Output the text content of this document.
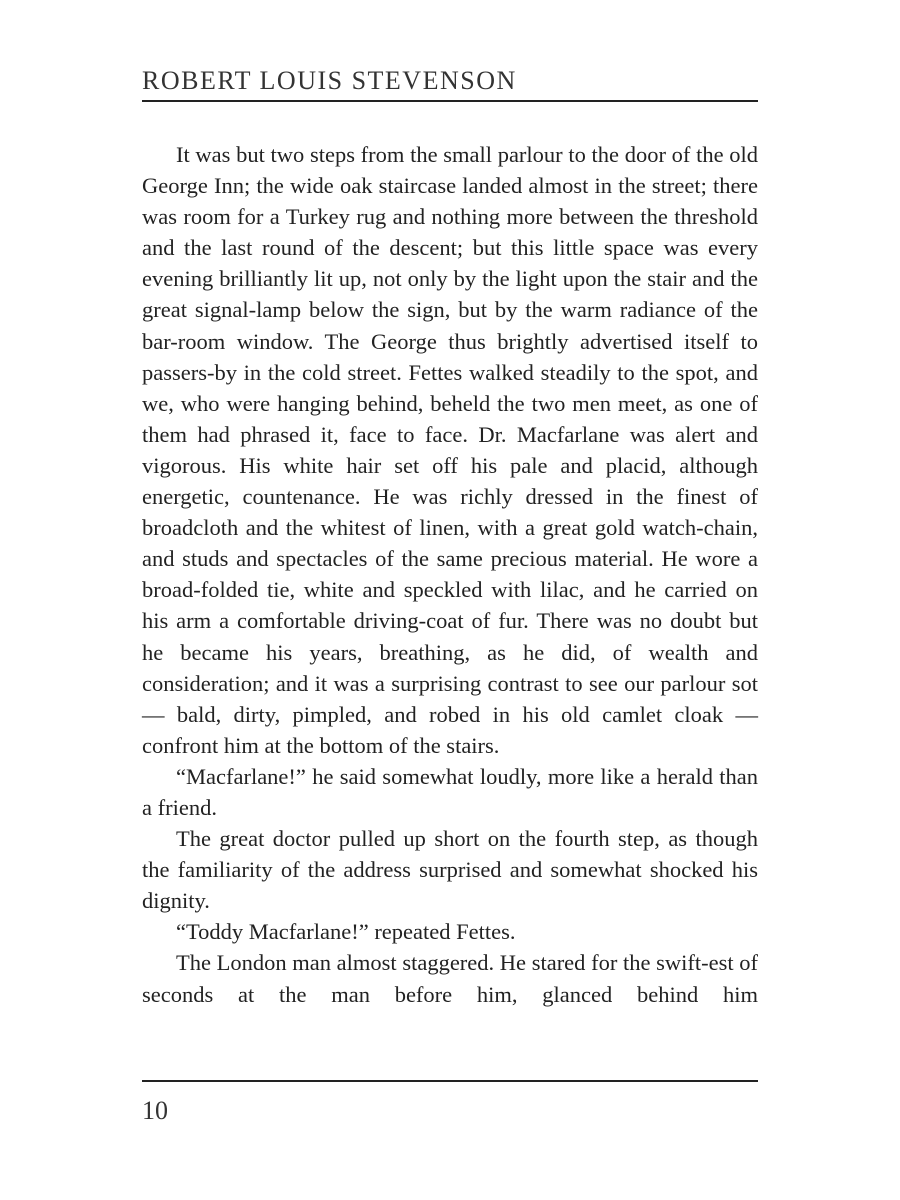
ROBERT LOUIS STEVENSON

It was but two steps from the small parlour to the door of the old George Inn; the wide oak staircase landed almost in the street; there was room for a Turkey rug and nothing more between the threshold and the last round of the descent; but this little space was every evening brilliantly lit up, not only by the light upon the stair and the great signal-lamp below the sign, but by the warm radiance of the bar-room window. The George thus brightly advertised itself to passers-by in the cold street. Fettes walked steadily to the spot, and we, who were hanging behind, beheld the two men meet, as one of them had phrased it, face to face. Dr. Macfarlane was alert and vigorous. His white hair set off his pale and placid, although energetic, countenance. He was richly dressed in the finest of broadcloth and the whitest of linen, with a great gold watch-chain, and studs and spectacles of the same precious material. He wore a broad-folded tie, white and speckled with lilac, and he carried on his arm a comfortable driving-coat of fur. There was no doubt but he became his years, breathing, as he did, of wealth and consideration; and it was a surprising contrast to see our parlour sot — bald, dirty, pimpled, and robed in his old camlet cloak — confront him at the bottom of the stairs.

“Macfarlane!” he said somewhat loudly, more like a herald than a friend.

The great doctor pulled up short on the fourth step, as though the familiarity of the address surprised and somewhat shocked his dignity.

“Toddy Macfarlane!” repeated Fettes.

The London man almost staggered. He stared for the swift-est of seconds at the man before him, glanced behind him

10
